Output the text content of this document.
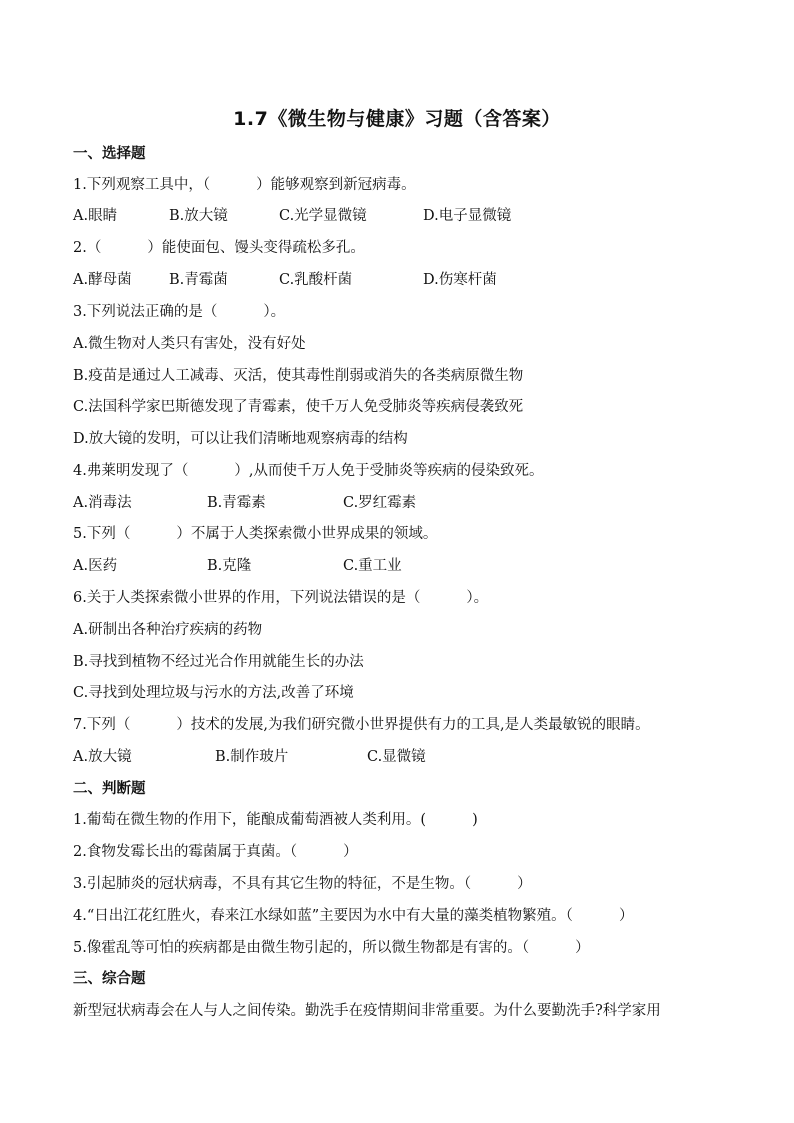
1.7《微生物与健康》习题（含答案）
一、选择题
1.下列观察工具中，（          ）能够观察到新冠病毒。
A.眼睛	B.放大镜	C.光学显微镜	D.电子显微镜
2.（          ）能使面包、馒头变得疏松多孔。
A.酵母菌	B.青霉菌	C.乳酸杆菌	D.伤寒杆菌
3.下列说法正确的是（          ）。
A.微生物对人类只有害处，没有好处
B.疫苗是通过人工减毒、灭活，使其毒性削弱或消失的各类病原微生物
C.法国科学家巴斯德发现了青霉素，使千万人免受肺炎等疾病侵袭致死
D.放大镜的发明，可以让我们清晰地观察病毒的结构
4.弗莱明发现了（          ）,从而使千万人免于受肺炎等疾病的侵染致死。
A.消毒法	B.青霉素	C.罗红霉素
5.下列（          ）不属于人类探索微小世界成果的领域。
A.医药	B.克隆	C.重工业
6.关于人类探索微小世界的作用，下列说法错误的是（          ）。
A.研制出各种治疗疾病的药物
B.寻找到植物不经过光合作用就能生长的办法
C.寻找到处理垃圾与污水的方法,改善了环境
7.下列（          ）技术的发展,为我们研究微小世界提供有力的工具,是人类最敏锐的眼睛。
A.放大镜	B.制作玻片	C.显微镜
二、判断题
1.葡萄在微生物的作用下，能酿成葡萄酒被人类利用。(          )
2.食物发霉长出的霉菌属于真菌。（          ）
3.引起肺炎的冠状病毒，不具有其它生物的特征，不是生物。（          ）
4.“日出江花红胜火，春来江水绿如蓝”主要因为水中有大量的藻类植物繁殖。（          ）
5.像霍乱等可怕的疾病都是由微生物引起的，所以微生物都是有害的。（          ）
三、综合题
新型冠状病毒会在人与人之间传染。勤洗手在疫情期间非常重要。为什么要勤洗手?科学家用
